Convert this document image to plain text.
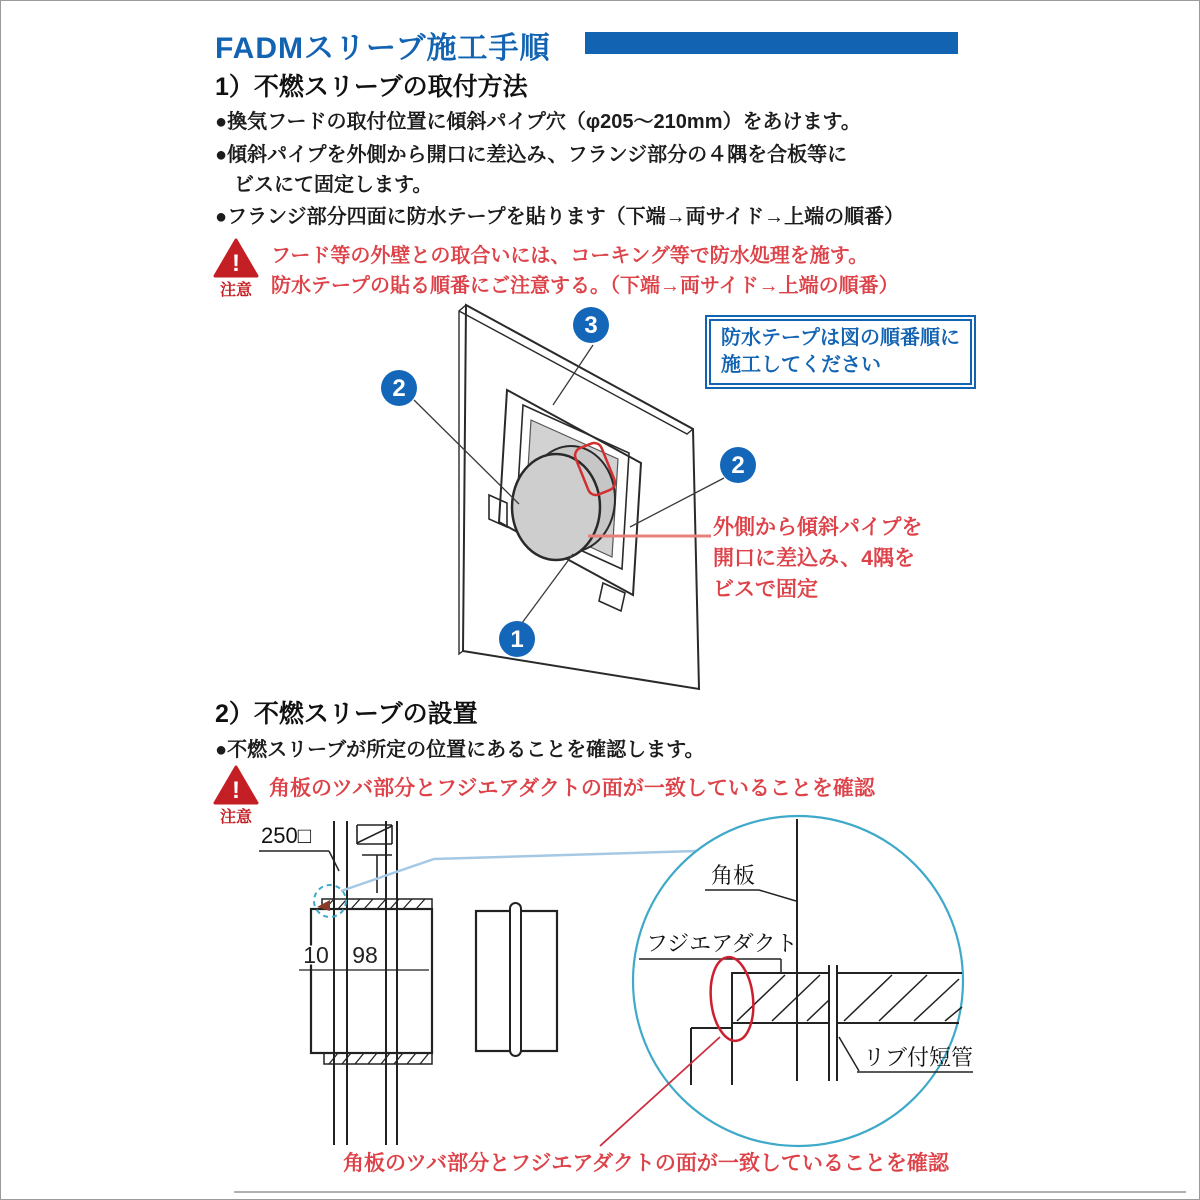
FADMスリーブ施工手順
1）不燃スリーブの取付方法
●換気フードの取付位置に傾斜パイプ穴（φ205〜210mm）をあけます。
●傾斜パイプを外側から開口に差込み、フランジ部分の４隅を合板等に
ビスにて固定します。
●フランジ部分四面に防水テープを貼ります（下端→両サイド→上端の順番）
!
注意
フード等の外壁との取合いには、コーキング等で防水処理を施す。
防水テープの貼る順番にご注意する。（下端→両サイド→上端の順番）
3
2
2
1
防水テープは図の順番順に
施工してください
外側から傾斜パイプを
開口に差込み、4隅を
ビスで固定
2）不燃スリーブの設置
●不燃スリーブが所定の位置にあることを確認します。
!
注意
角板のツバ部分とフジエアダクトの面が一致していることを確認
10 98
250□
角板
フジエアダクト
リブ付短管
角板のツバ部分とフジエアダクトの面が一致していることを確認
